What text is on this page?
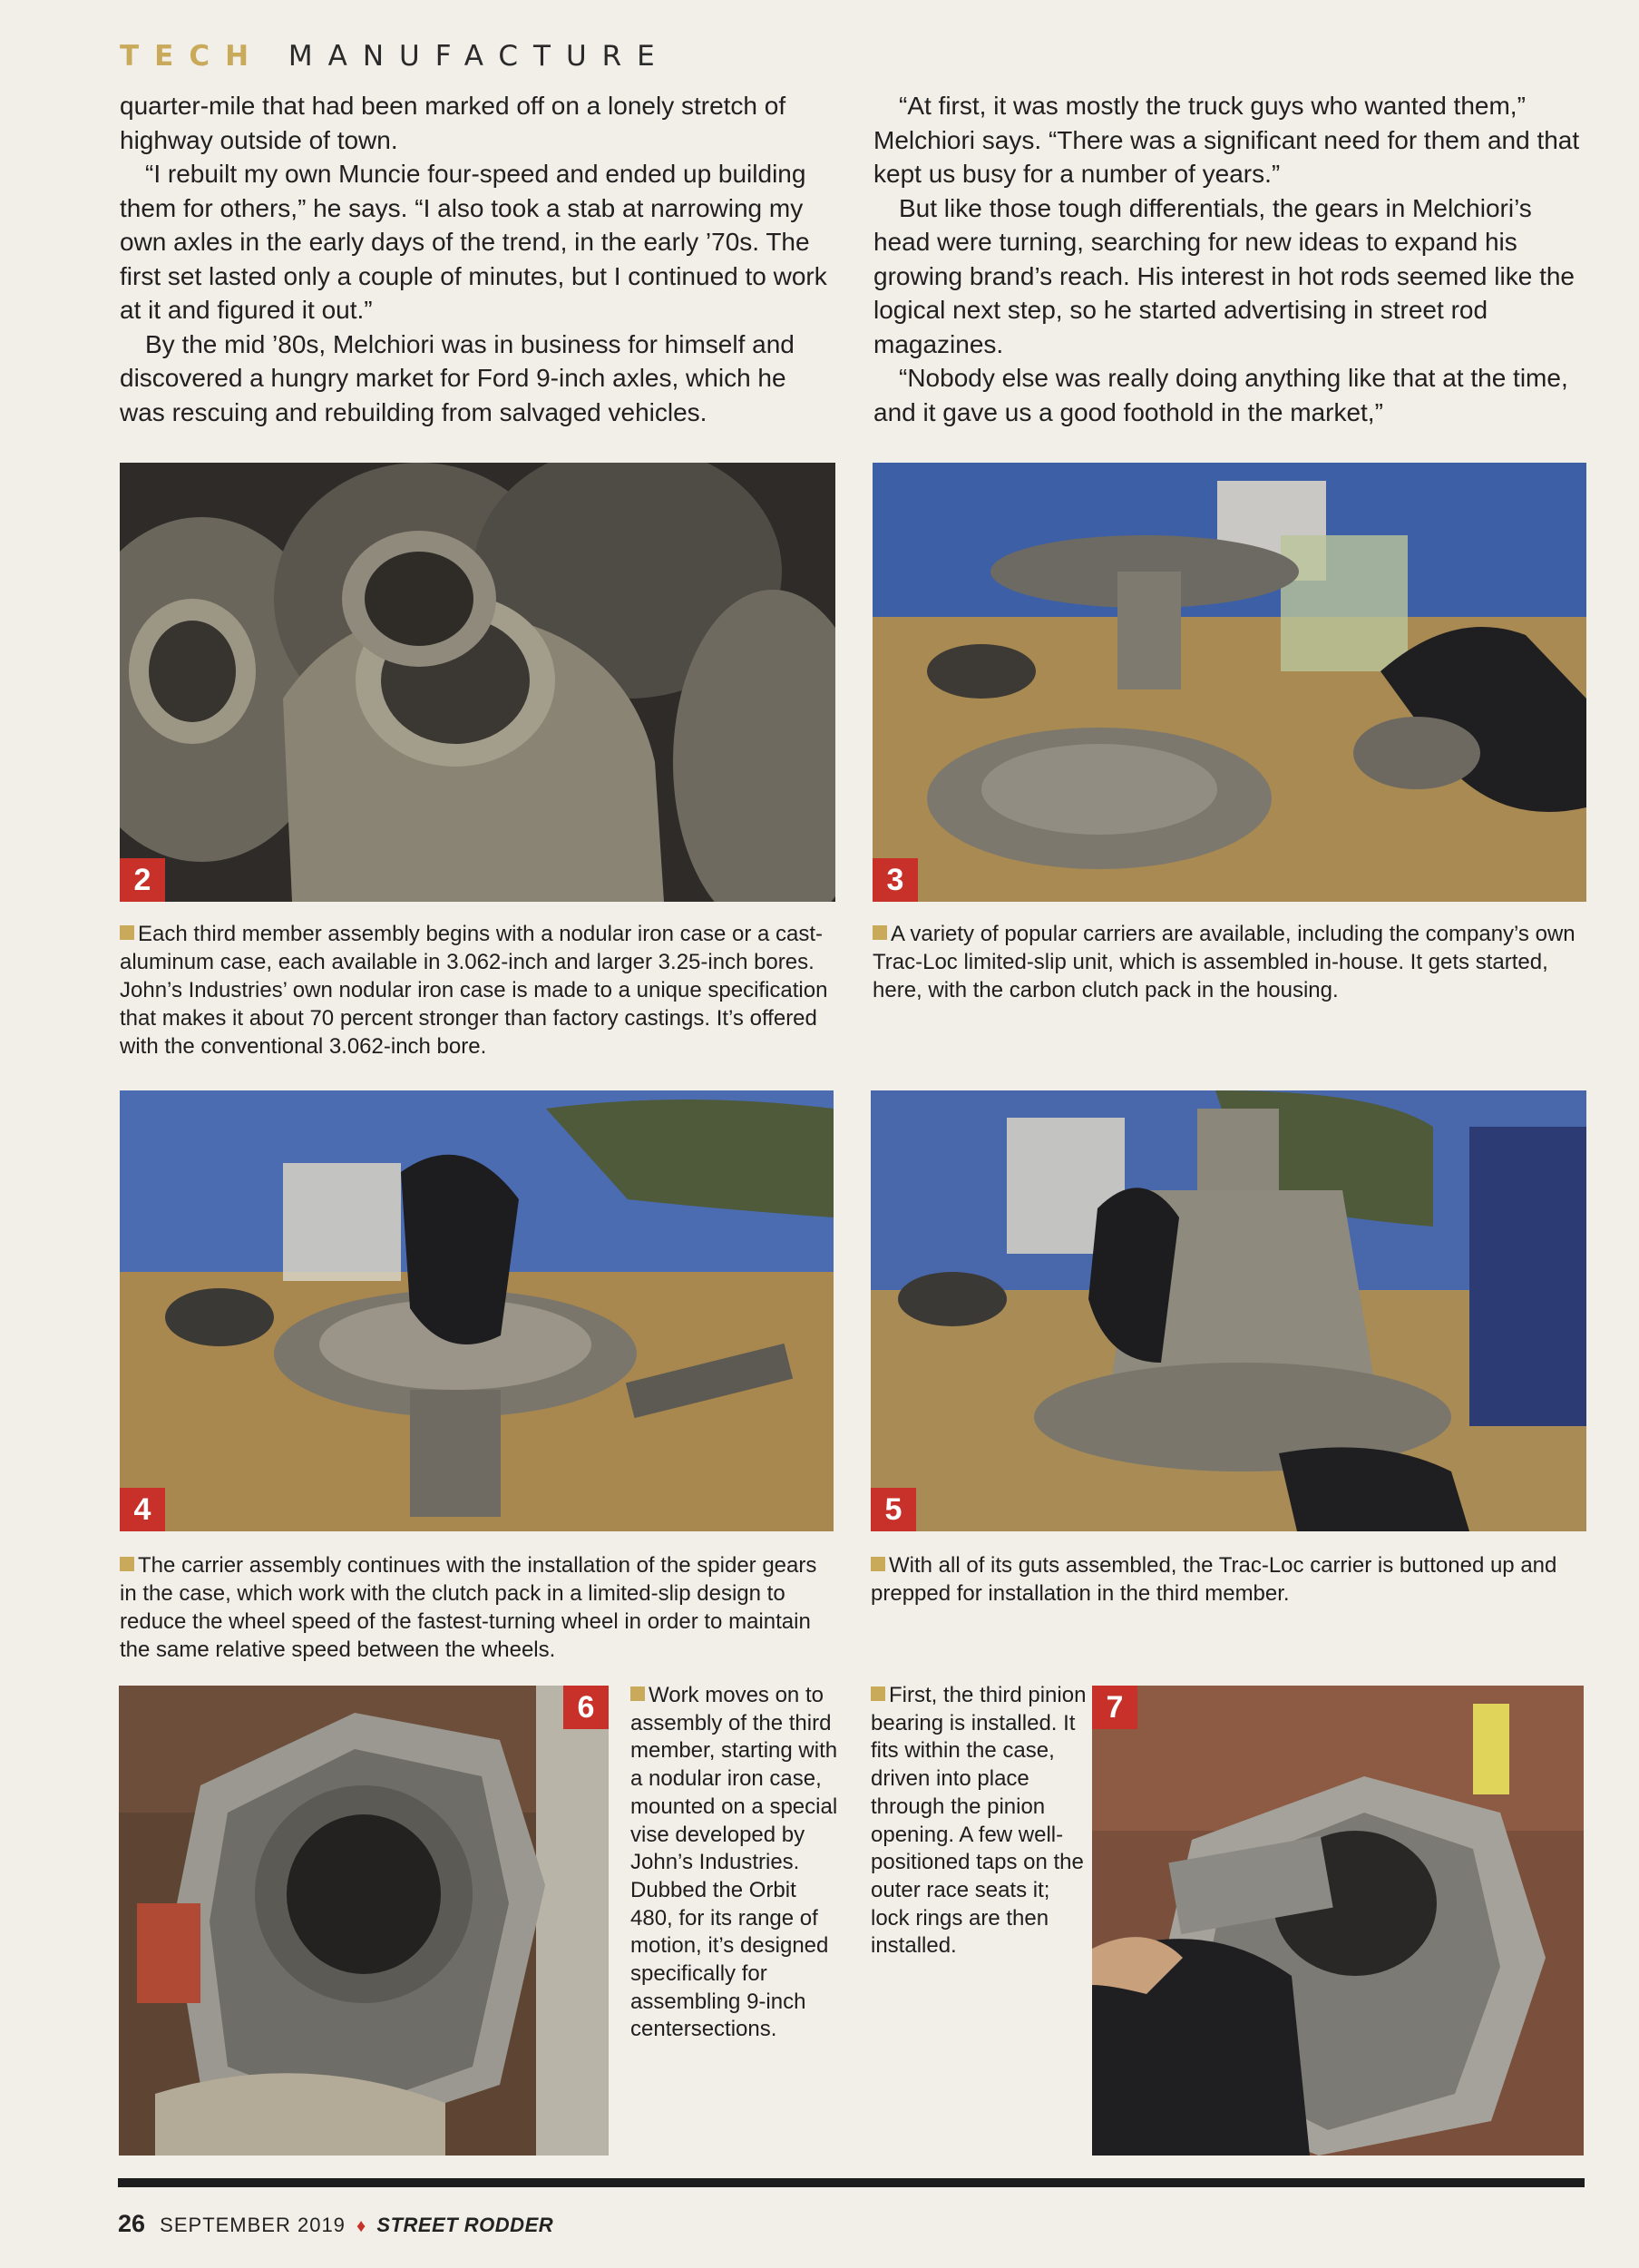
TECH MANUFACTURE

quarter-mile that had been marked off on a lonely stretch of highway outside of town.

“I rebuilt my own Muncie four-speed and ended up building them for others,” he says. “I also took a stab at narrowing my own axles in the early days of the trend, in the early ’70s. The first set lasted only a couple of minutes, but I continued to work at it and figured it out.”

By the mid ’80s, Melchiori was in business for himself and discovered a hungry market for Ford 9-inch axles, which he was rescuing and rebuilding from salvaged vehicles.

“At first, it was mostly the truck guys who wanted them,” Melchiori says. “There was a significant need for them and that kept us busy for a number of years.”

But like those tough differentials, the gears in Melchiori’s head were turning, searching for new ideas to expand his growing brand’s reach. His interest in hot rods seemed like the logical next step, so he started advertising in street rod magazines.

“Nobody else was really doing anything like that at the time, and it gave us a good foothold in the market,”

2
Each third member assembly begins with a nodular iron case or a cast-aluminum case, each available in 3.062-inch and larger 3.25-inch bores. John’s Industries’ own nodular iron case is made to a unique specification that makes it about 70 percent stronger than factory castings. It’s offered with the conventional 3.062-inch bore.
3
A variety of popular carriers are available, including the company’s own Trac-Loc limited-slip unit, which is assembled in-house. It gets started, here, with the carbon clutch pack in the housing.
4
The carrier assembly continues with the installation of the spider gears in the case, which work with the clutch pack in a limited-slip design to reduce the wheel speed of the fastest-turning wheel in order to maintain the same relative speed between the wheels.
5
With all of its guts assembled, the Trac-Loc carrier is buttoned up and prepped for installation in the third member.
6	Work moves on to assembly of the third member, starting with a nodular iron case, mounted on a special vise developed by John’s Industries. Dubbed the Orbit 480, for its range of motion, it’s designed specifically for assembling 9-inch centersections.
First, the third pinion bearing is installed. It fits within the case, driven into place through the pinion opening. A few well-positioned taps on the outer race seats it; lock rings are then installed.
7
26 SEPTEMBER 2019 ♦ STREET RODDER
